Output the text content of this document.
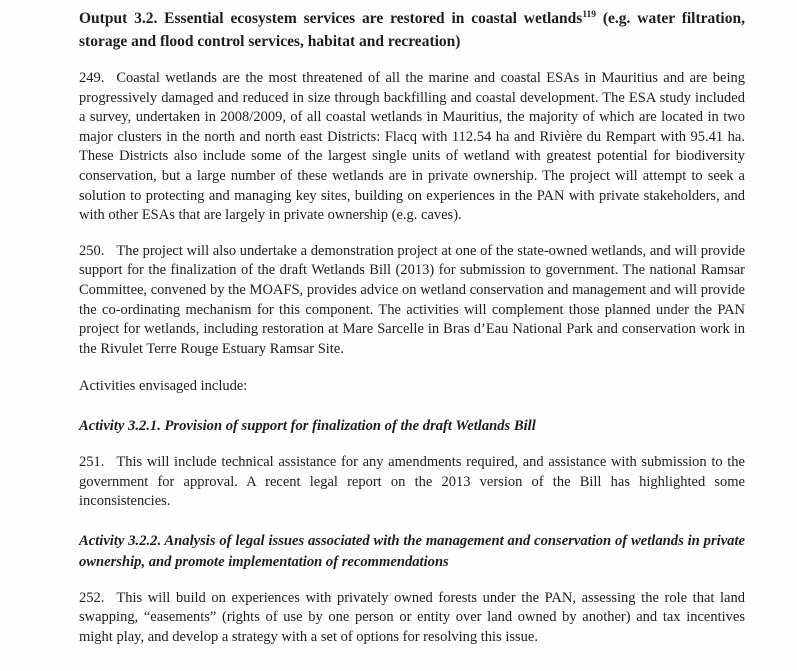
Output 3.2. Essential ecosystem services are restored in coastal wetlands$^{119}$ (e.g. water filtration, storage and flood control services, habitat and recreation)

249. Coastal wetlands are the most threatened of all the marine and coastal ESAs in Mauritius and are being progressively damaged and reduced in size through backfilling and coastal development. The ESA study included a survey, undertaken in 2008/2009, of all coastal wetlands in Mauritius, the majority of which are located in two major clusters in the north and north east Districts: Flacq with 112.54 ha and Rivière du Rempart with 95.41 ha. These Districts also include some of the largest single units of wetland with greatest potential for biodiversity conservation, but a large number of these wetlands are in private ownership. The project will attempt to seek a solution to protecting and managing key sites, building on experiences in the PAN with private stakeholders, and with other ESAs that are largely in private ownership (e.g. caves).

250. The project will also undertake a demonstration project at one of the state-owned wetlands, and will provide support for the finalization of the draft Wetlands Bill (2013) for submission to government. The national Ramsar Committee, convened by the MOAFS, provides advice on wetland conservation and management and will provide the co-ordinating mechanism for this component. The activities will complement those planned under the PAN project for wetlands, including restoration at Mare Sarcelle in Bras d’Eau National Park and conservation work in the Rivulet Terre Rouge Estuary Ramsar Site.

Activities envisaged include:

Activity 3.2.1. Provision of support for finalization of the draft Wetlands Bill

251. This will include technical assistance for any amendments required, and assistance with submission to the government for approval. A recent legal report on the 2013 version of the Bill has highlighted some inconsistencies.

Activity 3.2.2. Analysis of legal issues associated with the management and conservation of wetlands in private ownership, and promote implementation of recommendations

252. This will build on experiences with privately owned forests under the PAN, assessing the role that land swapping, “easements” (rights of use by one person or entity over land owned by another) and tax incentives might play, and develop a strategy with a set of options for resolving this issue.
